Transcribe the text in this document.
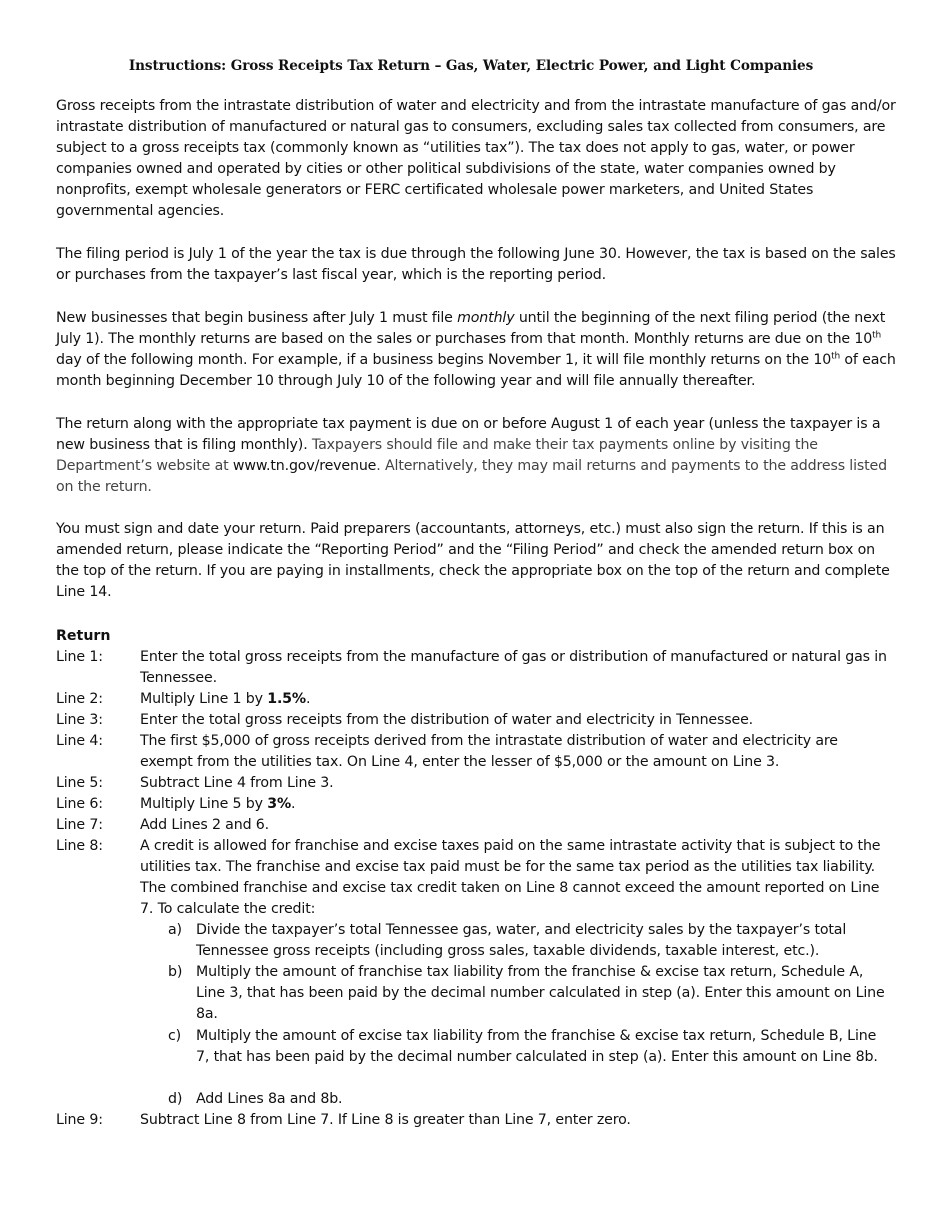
Instructions: Gross Receipts Tax Return – Gas, Water, Electric Power, and Light Companies

Gross receipts from the intrastate distribution of water and electricity and from the intrastate manufacture of gas and/or intrastate distribution of manufactured or natural gas to consumers, excluding sales tax collected from consumers, are subject to a gross receipts tax (commonly known as “utilities tax”). The tax does not apply to gas, water, or power companies owned and operated by cities or other political subdivisions of the state, water companies owned by nonprofits, exempt wholesale generators or FERC certificated wholesale power marketers, and United States governmental agencies.

The filing period is July 1 of the year the tax is due through the following June 30. However, the tax is based on the sales or purchases from the taxpayer’s last fiscal year, which is the reporting period.

New businesses that begin business after July 1 must file monthly until the beginning of the next filing period (the next July 1). The monthly returns are based on the sales or purchases from that month. Monthly returns are due on the 10th day of the following month. For example, if a business begins November 1, it will file monthly returns on the 10th of each month beginning December 10 through July 10 of the following year and will file annually thereafter.

The return along with the appropriate tax payment is due on or before August 1 of each year (unless the taxpayer is a new business that is filing monthly). Taxpayers should file and make their tax payments online by visiting the Department’s website at www.tn.gov/revenue. Alternatively, they may mail returns and payments to the address listed on the return.

You must sign and date your return. Paid preparers (accountants, attorneys, etc.) must also sign the return. If this is an amended return, please indicate the “Reporting Period” and the “Filing Period” and check the amended return box on the top of the return. If you are paying in installments, check the appropriate box on the top of the return and complete Line 14.

Return

Line 1:	Enter the total gross receipts from the manufacture of gas or distribution of manufactured or natural gas in Tennessee.
Line 2:	Multiply Line 1 by 1.5%.
Line 3:	Enter the total gross receipts from the distribution of water and electricity in Tennessee.
Line 4:	The first $5,000 of gross receipts derived from the intrastate distribution of water and electricity are exempt from the utilities tax. On Line 4, enter the lesser of $5,000 or the amount on Line 3.
Line 5:	Subtract Line 4 from Line 3.
Line 6:	Multiply Line 5 by 3%.
Line 7:	Add Lines 2 and 6.
Line 8:	A credit is allowed for franchise and excise taxes paid on the same intrastate activity that is subject to the utilities tax. The franchise and excise tax paid must be for the same tax period as the utilities tax liability. The combined franchise and excise tax credit taken on Line 8 cannot exceed the amount reported on Line 7. To calculate the credit:
a) Divide the taxpayer’s total Tennessee gas, water, and electricity sales by the taxpayer’s total Tennessee gross receipts (including gross sales, taxable dividends, taxable interest, etc.).
b) Multiply the amount of franchise tax liability from the franchise & excise tax return, Schedule A, Line 3, that has been paid by the decimal number calculated in step (a). Enter this amount on Line 8a.
c)	Multiply the amount of excise tax liability from the franchise & excise tax return, Schedule B, Line 7, that has been paid by the decimal number calculated in step (a). Enter this amount on Line 8b.
d) Add Lines 8a and 8b.
Line 9:	Subtract Line 8 from Line 7. If Line 8 is greater than Line 7, enter zero.
